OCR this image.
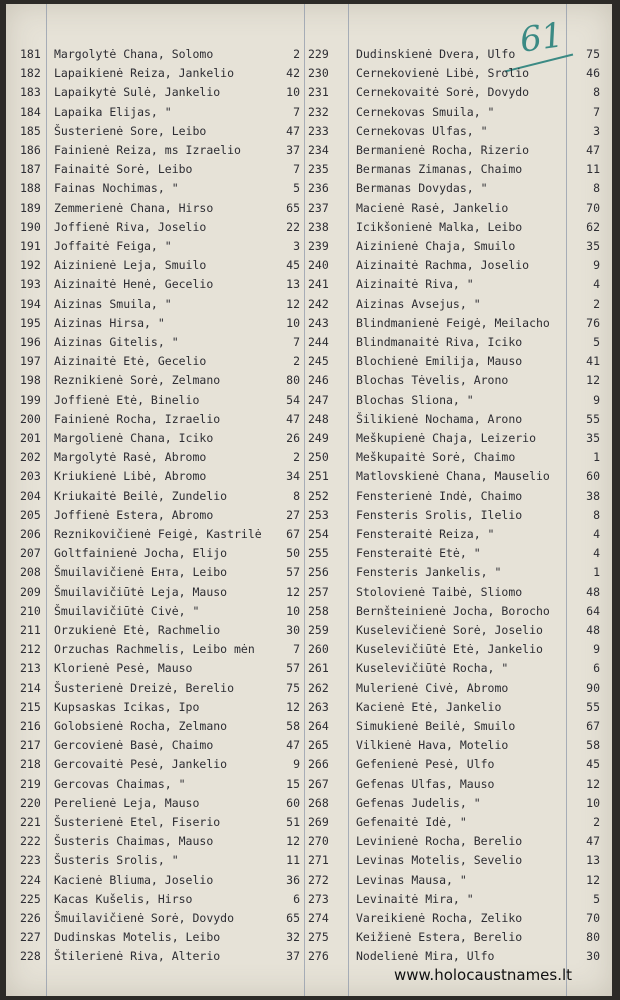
61
181	Margolytė Chana, Solomo	2 229	Dudinskienė Dvera, Ulfo	75
182	Lapaikienė Reiza, Jankelio	42 230	Cernekovienė Libė, Srolio	46
183	Lapaikytė Sulė, Jankelio	10 231	Cernekovaitė Sorė, Dovydo	8
184	Lapaika Elijas, "	7 232	Cernekovas Smuila, "	7
185	Šusterienė Sore, Leibo	47 233	Cernekovas Ulfas, "	3
186	Fainienė Reiza, ms Izraelio	37 234	Bermanienė Rocha, Rizerio	47
187	Fainaitė Sorė, Leibo	7 235	Bermanas Zimanas, Chaimo	11
188	Fainas Nochimas, "	5 236	Bermanas Dovydas, "	8
189	Zemmerienė Chana, Hirso	65 237	Macienė Rasė, Jankelio	70
190	Joffienė Riva, Joselio	22 238	Icikšonienė Malka, Leibo	62
191	Joffaitė Feiga, "	3 239	Aizinienė Chaja, Smuilo	35
192	Aizinienė Leja, Smuilo	45 240	Aizinaitė Rachma, Joselio	9
193	Aizinaitė Henė, Gecelio	13 241	Aizinaitė Riva, "	4
194	Aizinas Smuila, "	12 242	Aizinas Avsejus, "	2
195	Aizinas Hirsa, "	10 243	Blindmanienė Feigė, Meilacho	76
196	Aizinas Gitelis, "	7 244	Blindmanaitė Riva, Iciko	5
197	Aizinaitė Etė, Gecelio	2 245	Blochienė Emilija, Mauso	41
198	Reznikienė Sorė, Zelmano	80 246	Blochas Tėvelis, Arono	12
199	Joffienė Etė, Binelio	54 247	Blochas Sliona, "	9
200	Fainienė Rocha, Izraelio	47 248	Šilikienė Nochama, Arono	55
201	Margolienė Chana, Iciko	26 249	Meškupienė Chaja, Leizerio	35
202	Margolytė Rasė, Abromo	2 250	Meškupaitė Sorė, Chaimo	1
203	Kriukienė Libė, Abromo	34 251	Matlovskienė Chana, Mauselio	60
204	Kriukaitė Beilė, Zundelio	8 252	Fensterienė Indė, Chaimo	38
205	Joffienė Estera, Abromo	27 253	Fensteris Srolis, Ilelio	8
206	Reznikovičienė Feigė, Kastrilė	67 254	Fensteraitė Reiza, "	4
207	Goltfainienė Jocha, Elijo	50 255	Fensteraitė Etė, "	4
208	Šmuilavičienė Ента, Leibo	57 256	Fensteris Jankelis, "	1
209	Šmuilavičiūtė Leja, Mauso	12 257	Stolovienė Taibė, Sliomo	48
210	Šmuilavičiūtė Civė, "	10 258	Bernšteinienė Jocha, Borocho	64
211	Orzukienė Etė, Rachmelio	30 259	Kuselevičienė Sorė, Joselio	48
212	Orzuchas Rachmelis, Leibo mėn	7 260	Kuselevičiūtė Etė, Jankelio	9
213	Klorienė Pesė, Mauso	57 261	Kuselevičiūtė Rocha, "	6
214	Šusterienė Dreizė, Berelio	75 262	Mulerienė Civė, Abromo	90
215	Kupsaskas Icikas, Ipo	12 263	Kacienė Etė, Jankelio	55
216	Golobsienė Rocha, Zelmano	58 264	Simukienė Beilė, Smuilo	67
217	Gercovienė Basė, Chaimo	47 265	Vilkienė Hava, Motelio	58
218	Gercovaitė Pesė, Jankelio	9 266	Gefenienė Pesė, Ulfo	45
219	Gercovas Chaimas, "	15 267	Gefenas Ulfas, Mauso	12
220	Perelienė Leja, Mauso	60 268	Gefenas Judelis, "	10
221	Šusterienė Etel, Fiserio	51 269	Gefenaitė Idė, "	2
222	Šusteris Chaimas, Mauso	12 270	Levinienė Rocha, Berelio	47
223	Šusteris Srolis, "	11 271	Levinas Motelis, Sevelio	13
224	Kacienė Bliuma, Joselio	36 272	Levinas Mausa, "	12
225	Kacas Kušelis, Hirso	6 273	Levinaitė Mira, "	5
226	Šmuilavičienė Sorė, Dovydo	65 274	Vareikienė Rocha, Zeliko	70
227	Dudinskas Motelis, Leibo	32 275	Keižienė Estera, Berelio	80
228	Štilerienė Riva, Alterio	37 276	Nodelienė Mira, Ulfo	30
www.holocaustnames.lt
